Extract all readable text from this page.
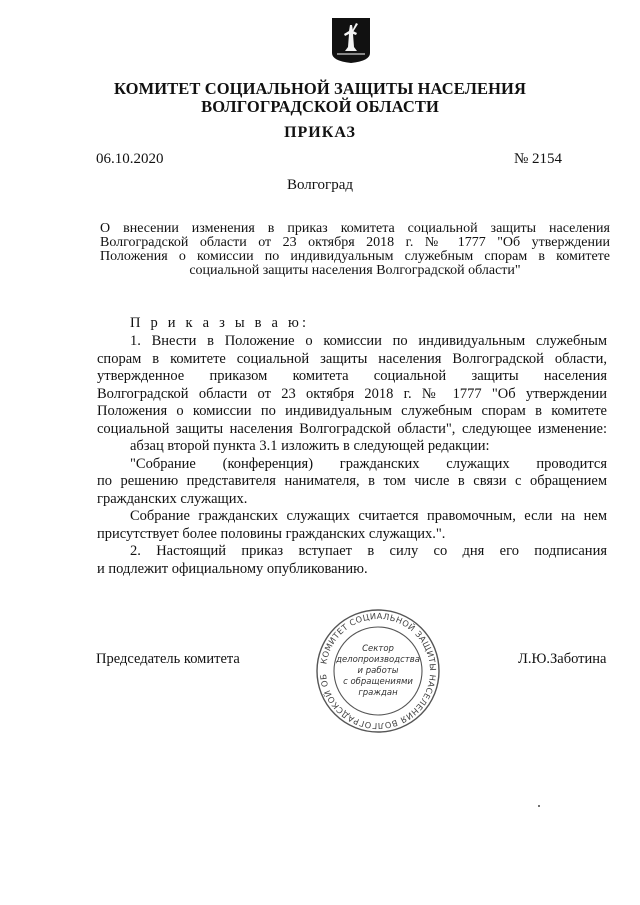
КОМИТЕТ СОЦИАЛЬНОЙ ЗАЩИТЫ НАСЕЛЕНИЯ
ВОЛГОГРАДСКОЙ ОБЛАСТИ
ПРИКАЗ
06.10.2020	№ 2154
Волгоград
О внесении изменения в приказ комитета социальной защиты населения
Волгоградской области от 23 октября 2018 г. № 1777 "Об утверждении
Положения о комиссии по индивидуальным служебным спорам в комитете
социальной защиты населения Волгоградской области"
П р и к а з ы в а ю:
1. Внести в Положение о комиссии по индивидуальным служебным
спорам в комитете социальной защиты населения Волгоградской области,
утвержденное приказом комитета социальной защиты населения
Волгоградской области от 23 октября 2018 г. № 1777 "Об утверждении
Положения о комиссии по индивидуальным служебным спорам в комитете
социальной защиты населения Волгоградской области", следующее изменение:
абзац второй пункта 3.1 изложить в следующей редакции:
"Собрание (конференция) гражданских служащих проводится
по решению представителя нанимателя, в том числе в связи с обращением
гражданских служащих.
Собрание гражданских служащих считается правомочным, если на нем
присутствует более половины гражданских служащих.".
2. Настоящий приказ вступает в силу со дня его подписания
и подлежит официальному опубликованию.
КОМИТЕТ СОЦИАЛЬНОЙ ЗАЩИТЫ НАСЕЛЕНИЯ ВОЛГОГРАДСКОЙ ОБ
Сектор
делопроизводства
и работы
с обращениями
граждан
Председатель комитета	Л.Ю.Заботина
